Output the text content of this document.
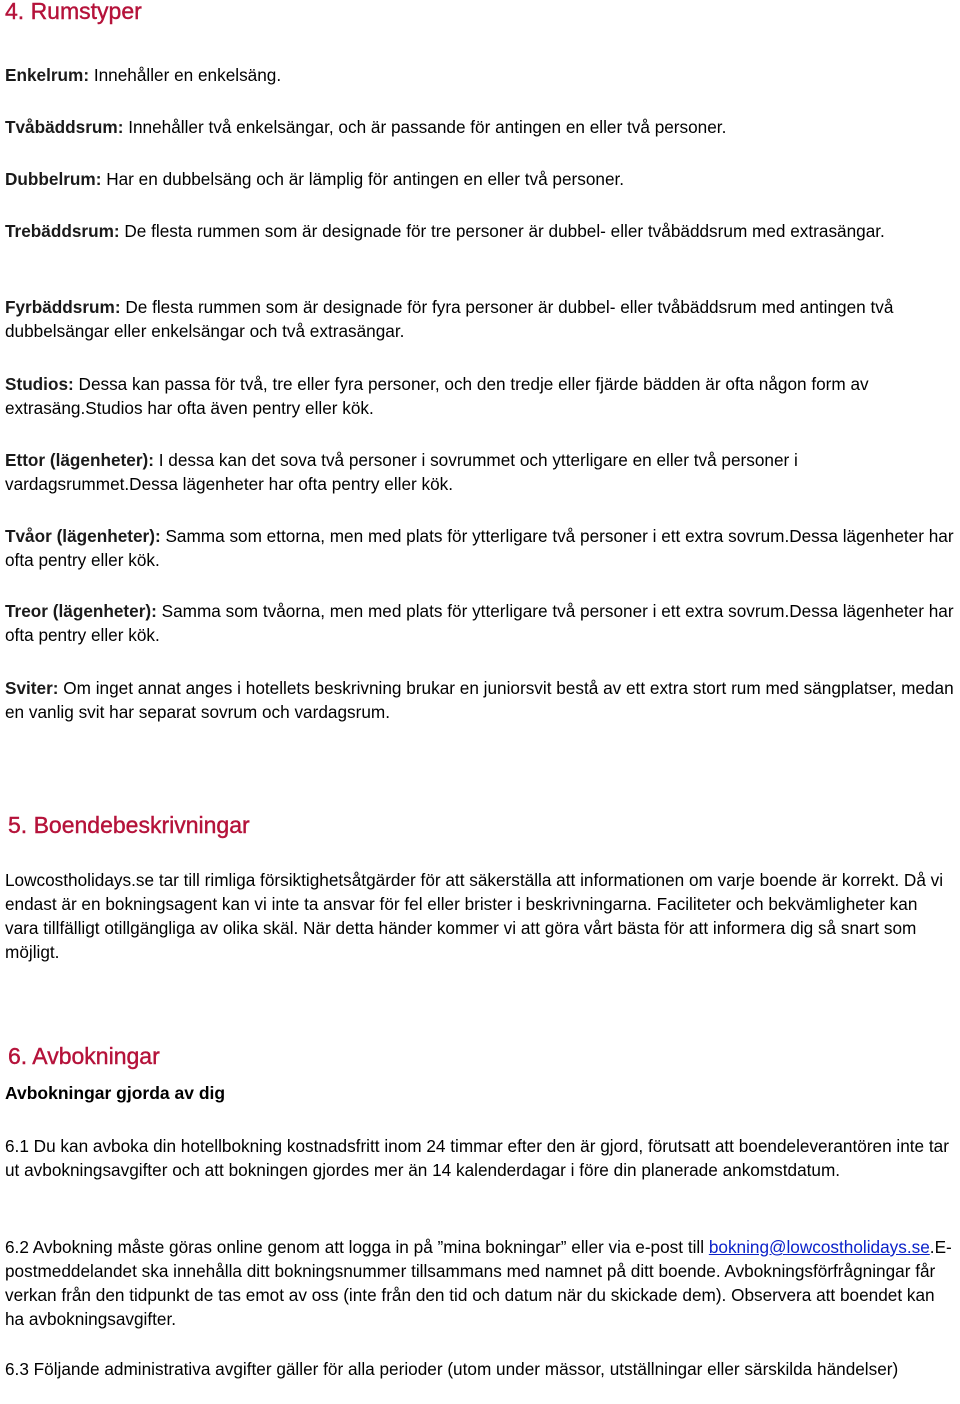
4. Rumstyper

Enkelrum: Innehåller en enkelsäng.

Tvåbäddsrum: Innehåller två enkelsängar, och är passande för antingen en eller två personer.

Dubbelrum: Har en dubbelsäng och är lämplig för antingen en eller två personer.

Trebäddsrum: De flesta rummen som är designade för tre personer är dubbel- eller tvåbäddsrum med extrasängar.

Fyrbäddsrum: De flesta rummen som är designade för fyra personer är dubbel- eller tvåbäddsrum med antingen två dubbelsängar eller enkelsängar och två extrasängar.

Studios: Dessa kan passa för två, tre eller fyra personer, och den tredje eller fjärde bädden är ofta någon form av extrasäng.Studios har ofta även pentry eller kök.

Ettor (lägenheter): I dessa kan det sova två personer i sovrummet och ytterligare en eller två personer i vardagsrummet.Dessa lägenheter har ofta pentry eller kök.

Tvåor (lägenheter): Samma som ettorna, men med plats för ytterligare två personer i ett extra sovrum.Dessa lägenheter har ofta pentry eller kök.

Treor (lägenheter): Samma som tvåorna, men med plats för ytterligare två personer i ett extra sovrum.Dessa lägenheter har ofta pentry eller kök.

Sviter: Om inget annat anges i hotellets beskrivning brukar en juniorsvit bestå av ett extra stort rum med sängplatser, medan en vanlig svit har separat sovrum och vardagsrum.

5. Boendebeskrivningar

Lowcostholidays.se tar till rimliga försiktighetsåtgärder för att säkerställa att informationen om varje boende är korrekt. Då vi endast är en bokningsagent kan vi inte ta ansvar för fel eller brister i beskrivningarna. Faciliteter och bekvämligheter kan vara tillfälligt otillgängliga av olika skäl. När detta händer kommer vi att göra vårt bästa för att informera dig så snart som möjligt.

6. Avbokningar

Avbokningar gjorda av dig

6.1 Du kan avboka din hotellbokning kostnadsfritt inom 24 timmar efter den är gjord, förutsatt att boendeleverantören inte tar ut avbokningsavgifter och att bokningen gjordes mer än 14 kalenderdagar i före din planerade ankomstdatum.

6.2 Avbokning måste göras online genom att logga in på ”mina bokningar” eller via e-post till bokning@lowcostholidays.se.E-postmeddelandet ska innehålla ditt bokningsnummer tillsammans med namnet på ditt boende. Avbokningsförfrågningar får verkan från den tidpunkt de tas emot av oss (inte från den tid och datum när du skickade dem). Observera att boendet kan ha avbokningsavgifter.

6.3 Följande administrativa avgifter gäller för alla perioder (utom under mässor, utställningar eller särskilda händelser)
